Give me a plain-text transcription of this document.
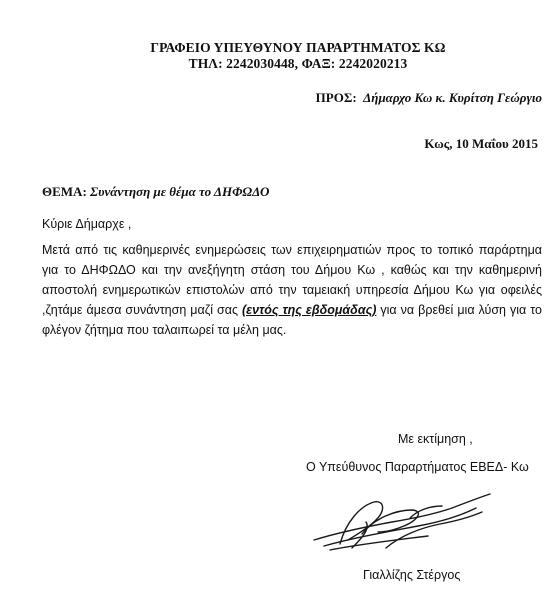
ΓΡΑΦΕΙΟ ΥΠΕΥΘΥΝΟΥ ΠΑΡΑΡΤΗΜΑΤΟΣ ΚΩ
ΤΗΛ: 2242030448, ΦΑΞ: 2242020213
ΠΡΟΣ: Δήμαρχο Κω κ. Κυρίτση Γεώργιο
Κως, 10 Μαΐου 2015
ΘΕΜΑ: Συνάντηση με θέμα το ΔΗΦΩΔΟ
Κύριε Δήμαρχε ,
Μετά από τις καθημερινές ενημερώσεις των επιχειρηματιών προς το τοπικό παράρτημα για το ΔΗΦΩΔΟ και την ανεξήγητη στάση του Δήμου Κω , καθώς και την καθημερινή αποστολή ενημερωτικών επιστολών από την ταμειακή υπηρεσία Δήμου Κω για οφειλές ,ζητάμε άμεσα συνάντηση μαζί σας (εντός της εβδομάδας) για να βρεθεί μια λύση για το φλέγον ζήτημα που ταλαιπωρεί τα μέλη μας.
Με εκτίμηση ,
Ο Υπεύθυνος Παραρτήματος ΕΒΕΔ- Κω
Γιαλλίζης Στέργος
